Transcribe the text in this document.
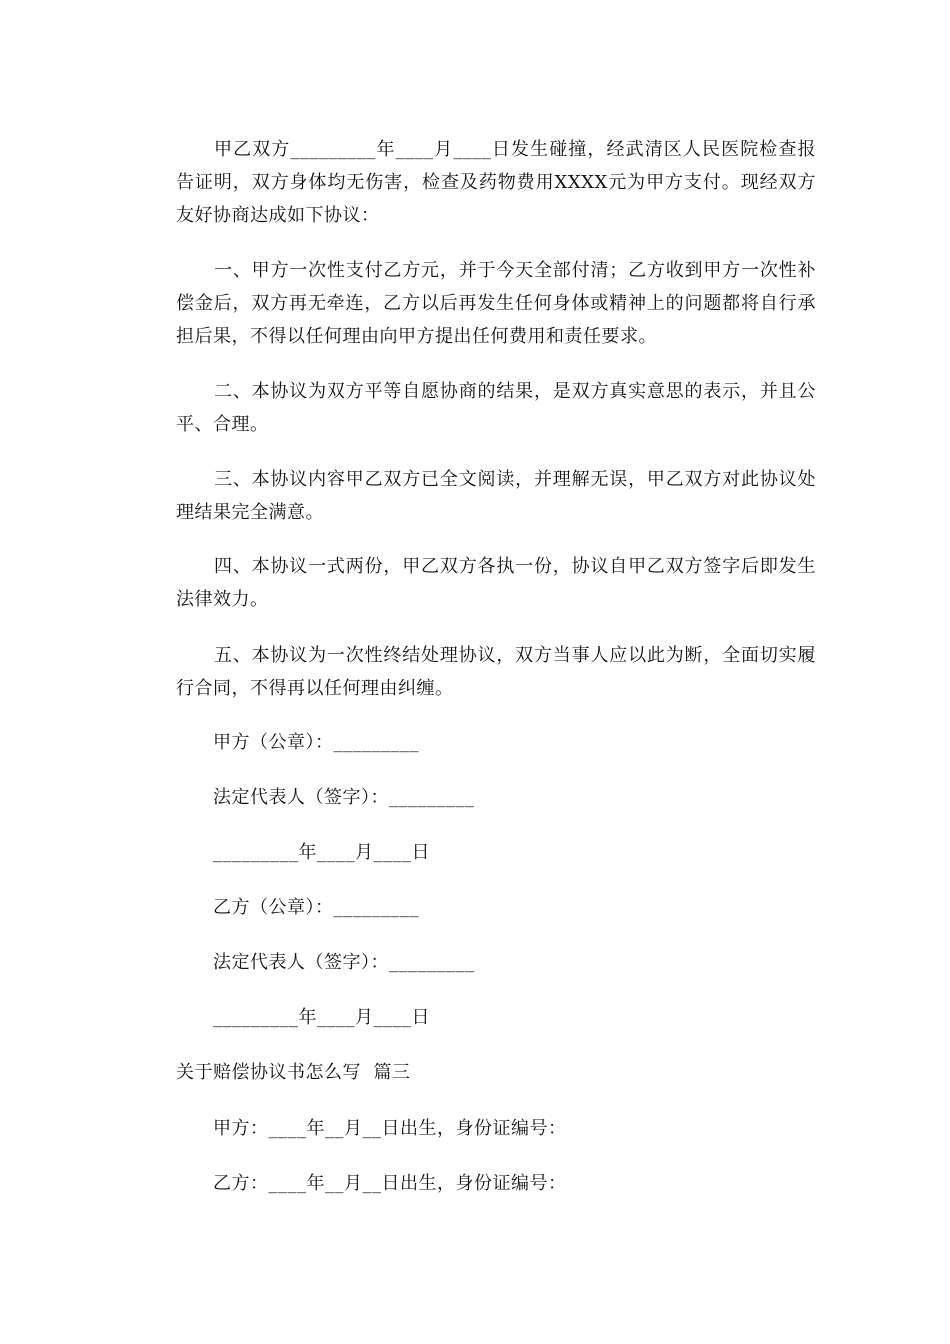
甲乙双方_________年____月____日发生碰撞，经武清区人民医院检查报告证明，双方身体均无伤害，检查及药物费用XXXX元为甲方支付。现经双方友好协商达成如下协议：

一、甲方一次性支付乙方元，并于今天全部付清；乙方收到甲方一次性补偿金后，双方再无牵连，乙方以后再发生任何身体或精神上的问题都将自行承担后果，不得以任何理由向甲方提出任何费用和责任要求。

二、本协议为双方平等自愿协商的结果，是双方真实意思的表示，并且公平、合理。

三、本协议内容甲乙双方已全文阅读，并理解无误，甲乙双方对此协议处理结果完全满意。

四、本协议一式两份，甲乙双方各执一份，协议自甲乙双方签字后即发生法律效力。

五、本协议为一次性终结处理协议，双方当事人应以此为断，全面切实履行合同，不得再以任何理由纠缠。

甲方（公章）：_________

法定代表人（签字）：_________

_________年____月____日

乙方（公章）：_________

法定代表人（签字）：_________

_________年____月____日

关于赔偿协议书怎么写  篇三

甲方：____年__月__日出生，身份证编号：

乙方：____年__月__日出生，身份证编号：
